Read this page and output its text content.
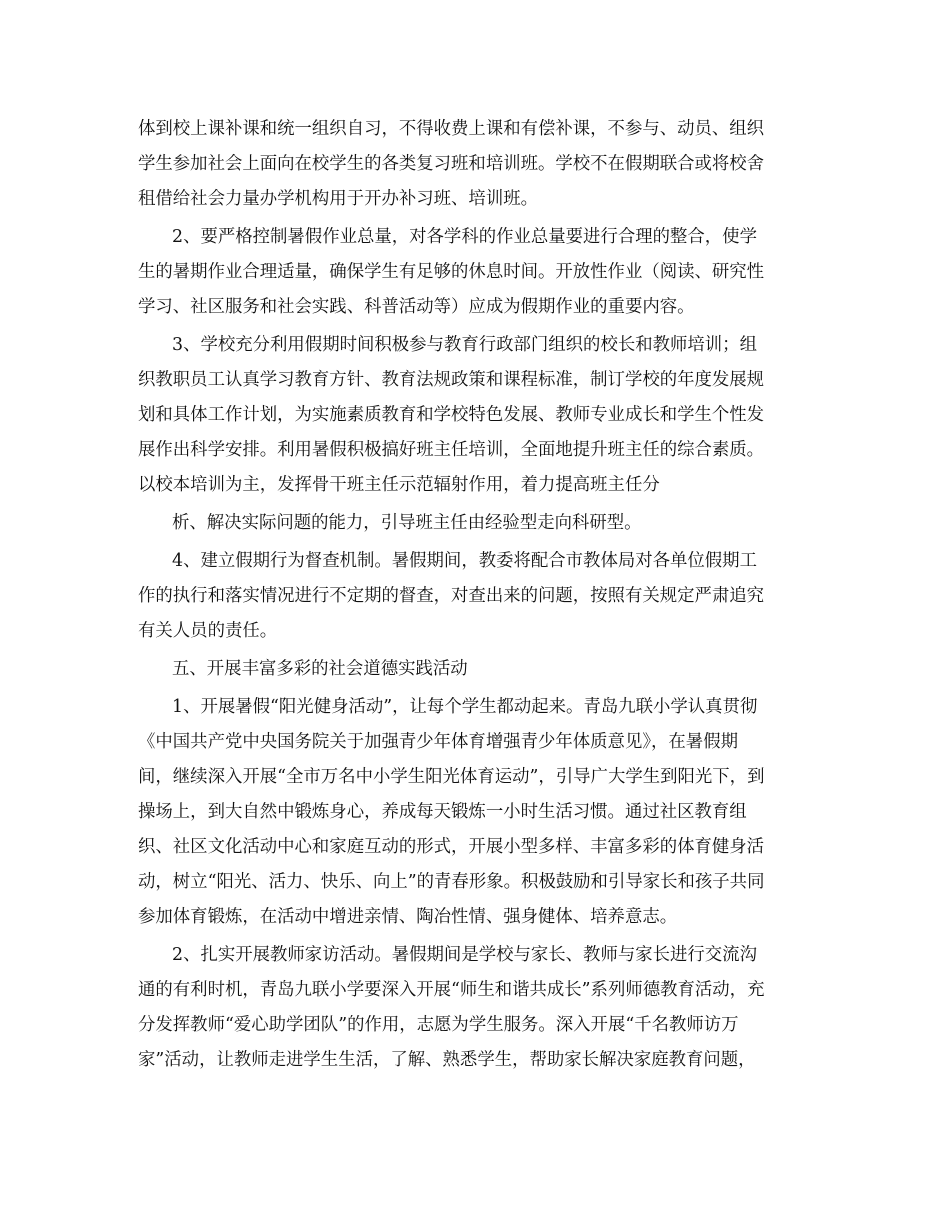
体到校上课补课和统一组织自习，不得收费上课和有偿补课，不参与、动员、组织
学生参加社会上面向在校学生的各类复习班和培训班。学校不在假期联合或将校舍
租借给社会力量办学机构用于开办补习班、培训班。
2、要严格控制暑假作业总量，对各学科的作业总量要进行合理的整合，使学
生的暑期作业合理适量，确保学生有足够的休息时间。开放性作业（阅读、研究性
学习、社区服务和社会实践、科普活动等）应成为假期作业的重要内容。
3、学校充分利用假期时间积极参与教育行政部门组织的校长和教师培训；组
织教职员工认真学习教育方针、教育法规政策和课程标准，制订学校的年度发展规
划和具体工作计划，为实施素质教育和学校特色发展、教师专业成长和学生个性发
展作出科学安排。利用暑假积极搞好班主任培训，全面地提升班主任的综合素质。
以校本培训为主，发挥骨干班主任示范辐射作用，着力提高班主任分
析、解决实际问题的能力，引导班主任由经验型走向科研型。
4、建立假期行为督查机制。暑假期间，教委将配合市教体局对各单位假期工
作的执行和落实情况进行不定期的督查，对查出来的问题，按照有关规定严肃追究
有关人员的责任。
五、开展丰富多彩的社会道德实践活动
1、开展暑假“阳光健身活动”，让每个学生都动起来。青岛九联小学认真贯彻
《中国共产党中央国务院关于加强青少年体育增强青少年体质意见》，在暑假期
间，继续深入开展“全市万名中小学生阳光体育运动”，引导广大学生到阳光下，到
操场上，到大自然中锻炼身心，养成每天锻炼一小时生活习惯。通过社区教育组
织、社区文化活动中心和家庭互动的形式，开展小型多样、丰富多彩的体育健身活
动，树立“阳光、活力、快乐、向上”的青春形象。积极鼓励和引导家长和孩子共同
参加体育锻炼，在活动中增进亲情、陶冶性情、强身健体、培养意志。
2、扎实开展教师家访活动。暑假期间是学校与家长、教师与家长进行交流沟
通的有利时机，青岛九联小学要深入开展“师生和谐共成长”系列师德教育活动，充
分发挥教师“爱心助学团队”的作用，志愿为学生服务。深入开展“千名教师访万
家”活动，让教师走进学生生活，了解、熟悉学生，帮助家长解决家庭教育问题，
